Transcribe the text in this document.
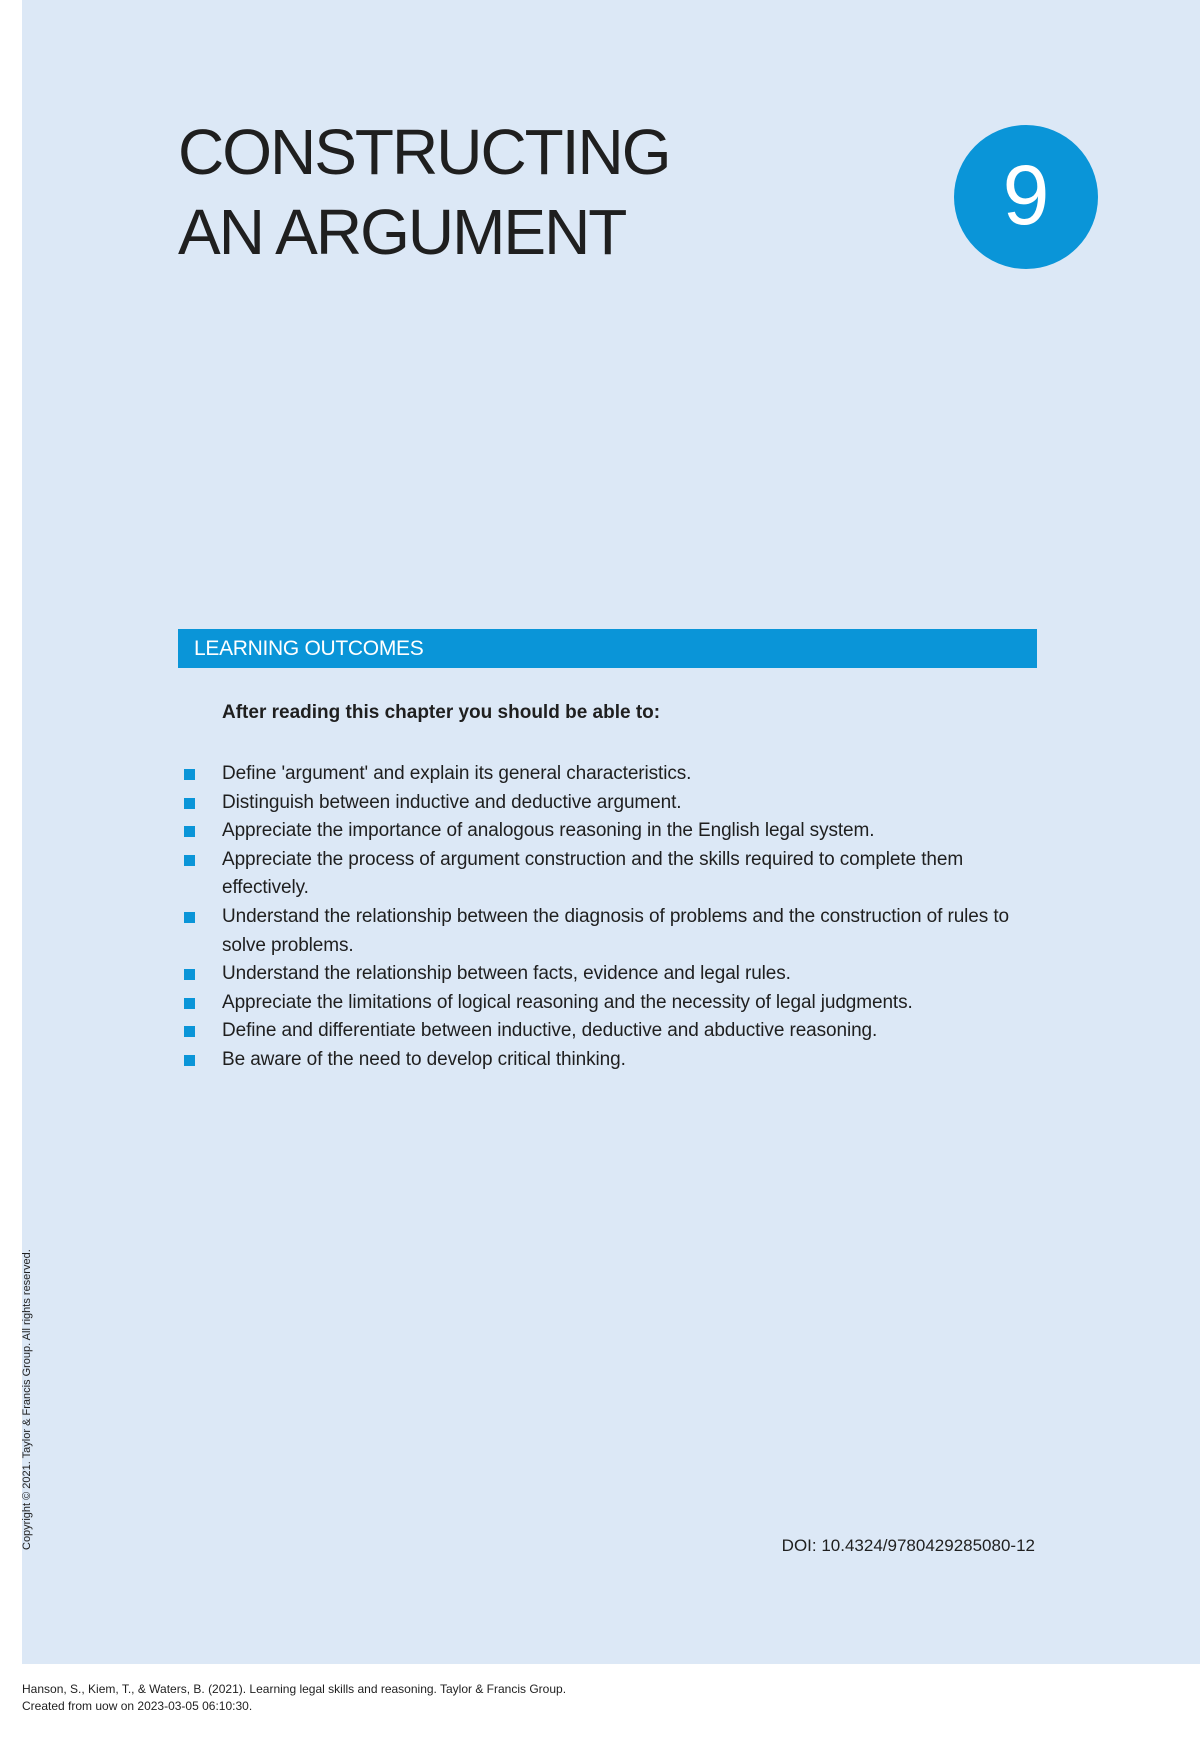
CONSTRUCTING
AN ARGUMENT	9
LEARNING OUTCOMES

After reading this chapter you should be able to:

Define 'argument' and explain its general characteristics.
Distinguish between inductive and deductive argument.
Appreciate the importance of analogous reasoning in the English legal system.
Appreciate the process of argument construction and the skills required to complete them effectively.
Understand the relationship between the diagnosis of problems and the construction of rules to solve problems.
Understand the relationship between facts, evidence and legal rules.
Appreciate the limitations of logical reasoning and the necessity of legal judgments.
Define and differentiate between inductive, deductive and abductive reasoning.
Be aware of the need to develop critical thinking.
DOI: 10.4324/9780429285080-12
Copyright © 2021. Taylor & Francis Group. All rights reserved.
Hanson, S., Kiem, T., & Waters, B. (2021). Learning legal skills and reasoning. Taylor & Francis Group.
Created from uow on 2023-03-05 06:10:30.
